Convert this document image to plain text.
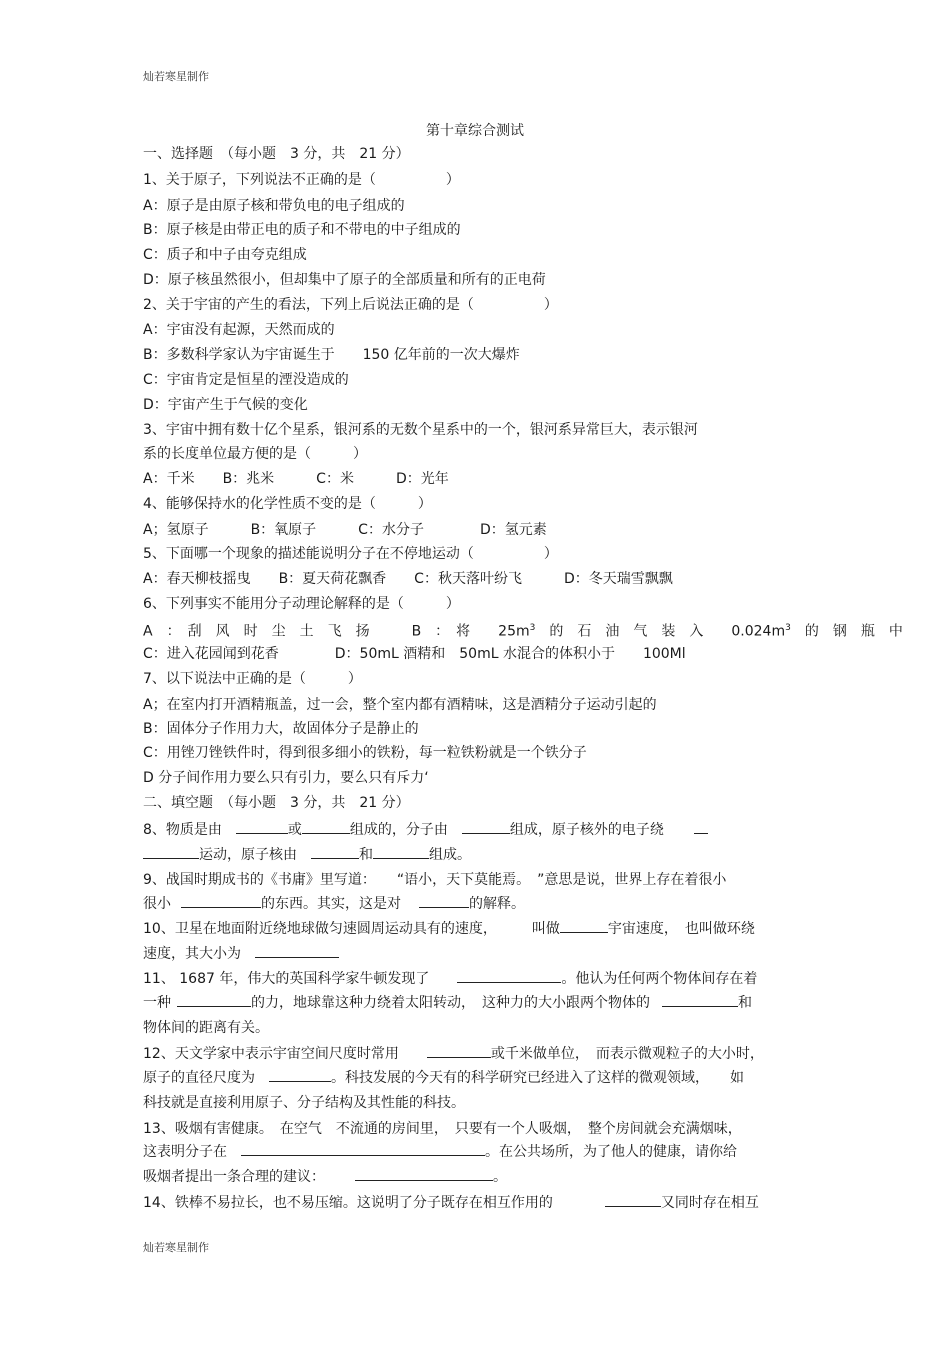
灿若寒星制作
第十章综合测试
一、选择题　（每小题　3 分，共　21 分）
1、关于原子，下列说法不正确的是（　　　　　）
A：原子是由原子核和带负电的电子组成的
B：原子核是由带正电的质子和不带电的中子组成的
C：质子和中子由夸克组成
D：原子核虽然很小，但却集中了原子的全部质量和所有的正电荷
2、关于宇宙的产生的看法，下列上后说法正确的是（　　　　　）
A：宇宙没有起源，天然而成的
B：多数科学家认为宇宙诞生于　　150 亿年前的一次大爆炸
C：宇宙肯定是恒星的湮没造成的
D：宇宙产生于气候的变化
3、宇宙中拥有数十亿个星系，银河系的无数个星系中的一个，银河系异常巨大，表示银河
系的长度单位最方便的是（　　　）
A：千米　　B：兆米　　　C：米　　　D：光年
4、能够保持水的化学性质不变的是（　　　）
A；氢原子　　　B：氧原子　　　C：水分子　　　　D：氢元素
5、下面哪一个现象的描述能说明分子在不停地运动（　　　　　）
A：春天柳枝摇曳　　B：夏天荷花飘香　　C：秋天落叶纷飞　　　D：冬天瑞雪飘飘
6、下列事实不能用分子动理论解释的是（　　　）
A　：　刮　风　时　尘　土　飞　扬　　　B　：　将　　$25m^3$　的　石　油　气　装　入　　$0.024m^3$　的　钢　瓶　中
C：进入花园闻到花香　　　　D：50mL 酒精和　50mL 水混合的体积小于　　100Ml
7、以下说法中正确的是（　　　）
A；在室内打开酒精瓶盖，过一会，整个室内都有酒精味，这是酒精分子运动引起的
B：固体分子作用力大，故固体分子是静止的
C：用锉刀锉铁件时，得到很多细小的铁粉，每一粒铁粉就是一个铁分子
D 分子间作用力要么只有引力，要么只有斥力‘
二、填空题　（每小题　3 分，共　21 分）
8、物质是由	或	组成的，分子由	组成，原子核外的电子绕
运动，原子核由	和	组成。
9、战国时期成书的《书庸》里写道：　　“语小，天下莫能焉。　”意思是说，世界上存在着很小
很小	的东西。其实，这是对	的解释。
10、卫星在地面附近绕地球做匀速圆周运动具有的速度，　　　叫做	宇宙速度，　也叫做环绕
速度，其大小为
11、 1687 年，伟大的英国科学家牛顿发现了	。他认为任何两个物体间存在着
一种	的力，地球靠这种力绕着太阳转动，　这种力的大小跟两个物体的	和
物体间的距离有关。
12、天文学家中表示宇宙空间尺度时常用	或千米做单位，　而表示微观粒子的大小时，
原子的直径尺度为	。科技发展的今天有的科学研究已经进入了这样的微观领域，　　如
科技就是直接利用原子、分子结构及其性能的科技。
13、吸烟有害健康。　在空气　不流通的房间里，　只要有一个人吸烟，　整个房间就会充满烟味，
这表明分子在	。在公共场所，为了他人的健康，请你给
吸烟者提出一条合理的建议：	。
14、铁棒不易拉长，也不易压缩。这说明了分子既存在相互作用的	又同时存在相互
灿若寒星制作
